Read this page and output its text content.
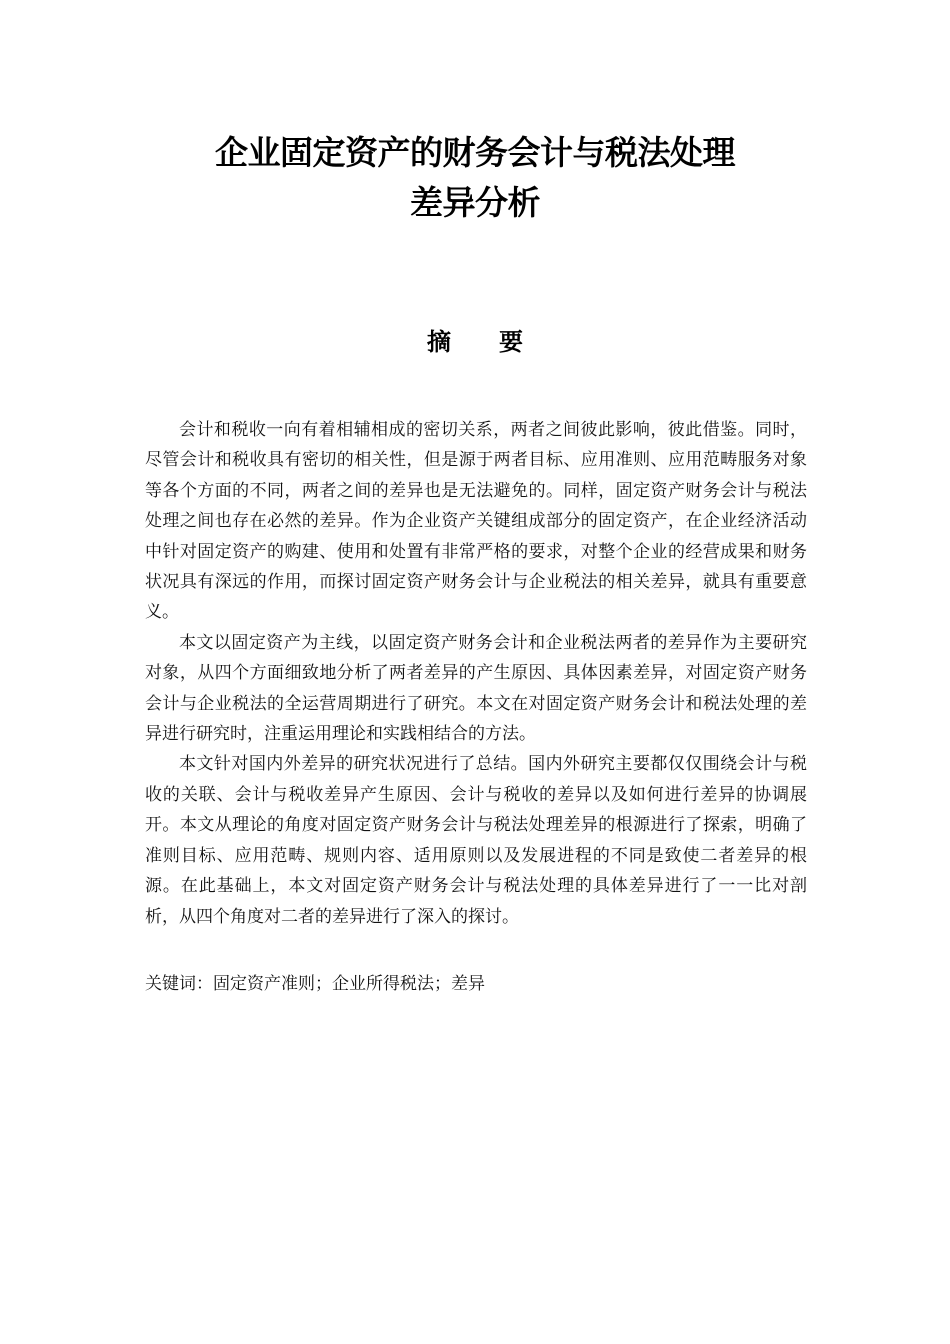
企业固定资产的财务会计与税法处理
差异分析
摘要

会计和税收一向有着相辅相成的密切关系，两者之间彼此影响，彼此借鉴。同时，尽管会计和税收具有密切的相关性，但是源于两者目标、应用准则、应用范畴服务对象等各个方面的不同，两者之间的差异也是无法避免的。同样，固定资产财务会计与税法处理之间也存在必然的差异。作为企业资产关键组成部分的固定资产，在企业经济活动中针对固定资产的购建、使用和处置有非常严格的要求，对整个企业的经营成果和财务状况具有深远的作用，而探讨固定资产财务会计与企业税法的相关差异，就具有重要意义。

本文以固定资产为主线，以固定资产财务会计和企业税法两者的差异作为主要研究对象，从四个方面细致地分析了两者差异的产生原因、具体因素差异，对固定资产财务会计与企业税法的全运营周期进行了研究。本文在对固定资产财务会计和税法处理的差异进行研究时，注重运用理论和实践相结合的方法。

本文针对国内外差异的研究状况进行了总结。国内外研究主要都仅仅围绕会计与税收的关联、会计与税收差异产生原因、会计与税收的差异以及如何进行差异的协调展开。本文从理论的角度对固定资产财务会计与税法处理差异的根源进行了探索，明确了准则目标、应用范畴、规则内容、适用原则以及发展进程的不同是致使二者差异的根源。在此基础上，本文对固定资产财务会计与税法处理的具体差异进行了一一比对剖析，从四个角度对二者的差异进行了深入的探讨。

关键词：固定资产准则；企业所得税法；差异
